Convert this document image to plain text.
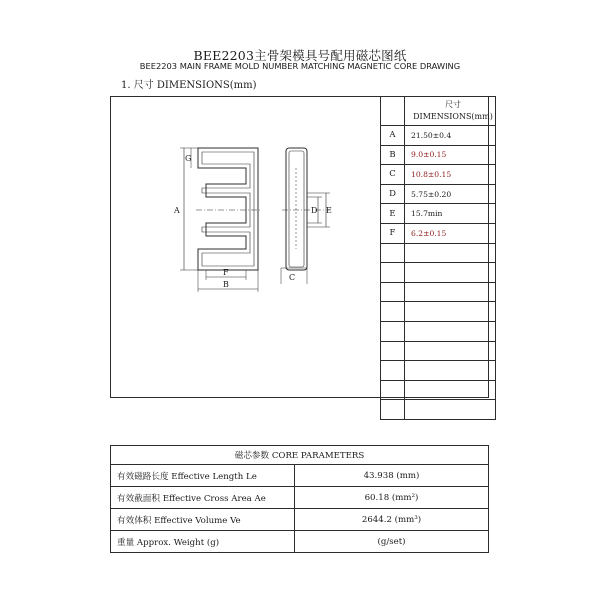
BEE2203主骨架模具号配用磁芯图纸
BEE2203 MAIN FRAME MOLD NUMBER MATCHING MAGNETIC CORE DRAWING
1. 尺寸 DIMENSIONS(mm)
A
G
F
B
C
D E
	尺寸
DIMENSIONS(mm)
A	21.50±0.4
B	9.0±0.15
C	10.8±0.15
D	5.75±0.20
E	15.7min
F	6.2±0.15

磁芯参数 CORE PARAMETERS	
有效磁路长度 Effective Length Le	43.938 (mm)
有效截面积 Effective Cross Area Ae	60.18 (mm²)
有效体积 Effective Volume Ve	2644.2 (mm³)
重量 Approx. Weight (g)	(g/set)
